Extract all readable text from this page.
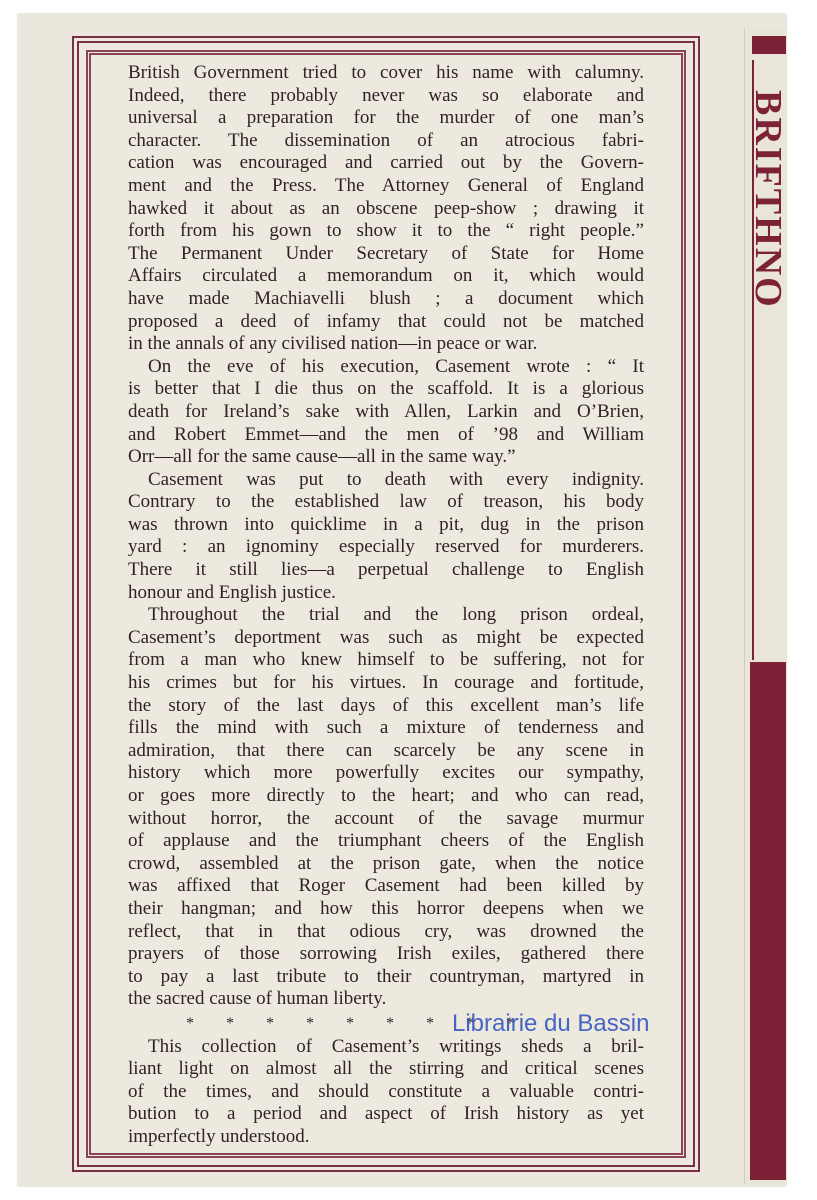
BRIFTHNO

British Government tried to cover his name with calumny.
Indeed, there probably never was so elaborate and
universal a preparation for the murder of one man’s
character. The dissemination of an atrocious fabri-
cation was encouraged and carried out by the Govern-
ment and the Press. The Attorney General of England
hawked it about as an obscene peep-show ; drawing it
forth from his gown to show it to the “ right people.”
The Permanent Under Secretary of State for Home
Affairs circulated a memorandum on it, which would
have made Machiavelli blush ; a document which
proposed a deed of infamy that could not be matched
in the annals of any civilised nation—in peace or war.

On the eve of his execution, Casement wrote : “ It
is better that I die thus on the scaffold. It is a glorious
death for Ireland’s sake with Allen, Larkin and O’Brien,
and Robert Emmet—and the men of ’98 and William
Orr—all for the same cause—all in the same way.”

Casement was put to death with every indignity.
Contrary to the established law of treason, his body
was thrown into quicklime in a pit, dug in the prison
yard : an ignominy especially reserved for murderers.
There it still lies—a perpetual challenge to English
honour and English justice.

Throughout the trial and the long prison ordeal,
Casement’s deportment was such as might be expected
from a man who knew himself to be suffering, not for
his crimes but for his virtues. In courage and fortitude,
the story of the last days of this excellent man’s life
fills the mind with such a mixture of tenderness and
admiration, that there can scarcely be any scene in
history which more powerfully excites our sympathy,
or goes more directly to the heart; and who can read,
without horror, the account of the savage murmur
of applause and the triumphant cheers of the English
crowd, assembled at the prison gate, when the notice
was affixed that Roger Casement had been killed by
their hangman; and how this horror deepens when we
reflect, that in that odious cry, was drowned the
prayers of those sorrowing Irish exiles, gathered there
to pay a last tribute to their countryman, martyred in
the sacred cause of human liberty.

* * * * * * * * *

This collection of Casement’s writings sheds a bril-
liant light on almost all the stirring and critical scenes
of the times, and should constitute a valuable contri-
bution to a period and aspect of Irish history as yet
imperfectly understood.

Librairie du Bassin
